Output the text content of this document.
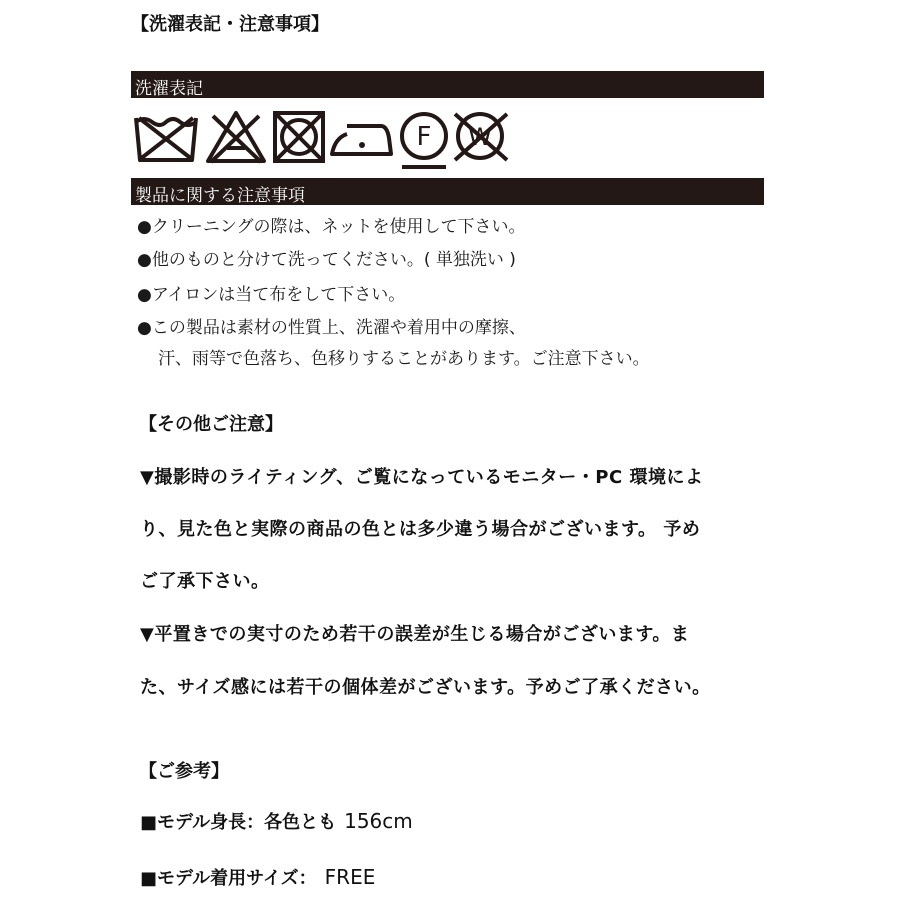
【洗濯表記・注意事項】
洗濯表記
F W
製品に関する注意事項
●クリーニングの際は、ネットを使用して下さい。
●他のものと分けて洗ってください。( 単独洗い )
●アイロンは当て布をして下さい。
●この製品は素材の性質上、洗濯や着用中の摩擦、
汗、雨等で色落ち、色移りすることがあります。ご注意下さい。
【その他ご注意】
▼撮影時のライティング、ご覧になっているモニター・PC 環境によ
り、見た色と実際の商品の色とは多少違う場合がございます。 予め
ご了承下さい。
▼平置きでの実寸のため若干の誤差が生じる場合がございます。ま
た、サイズ感には若干の個体差がございます。予めご了承ください。
【ご参考】
■モデル身長：各色とも 156cm
■モデル着用サイズ： FREE
